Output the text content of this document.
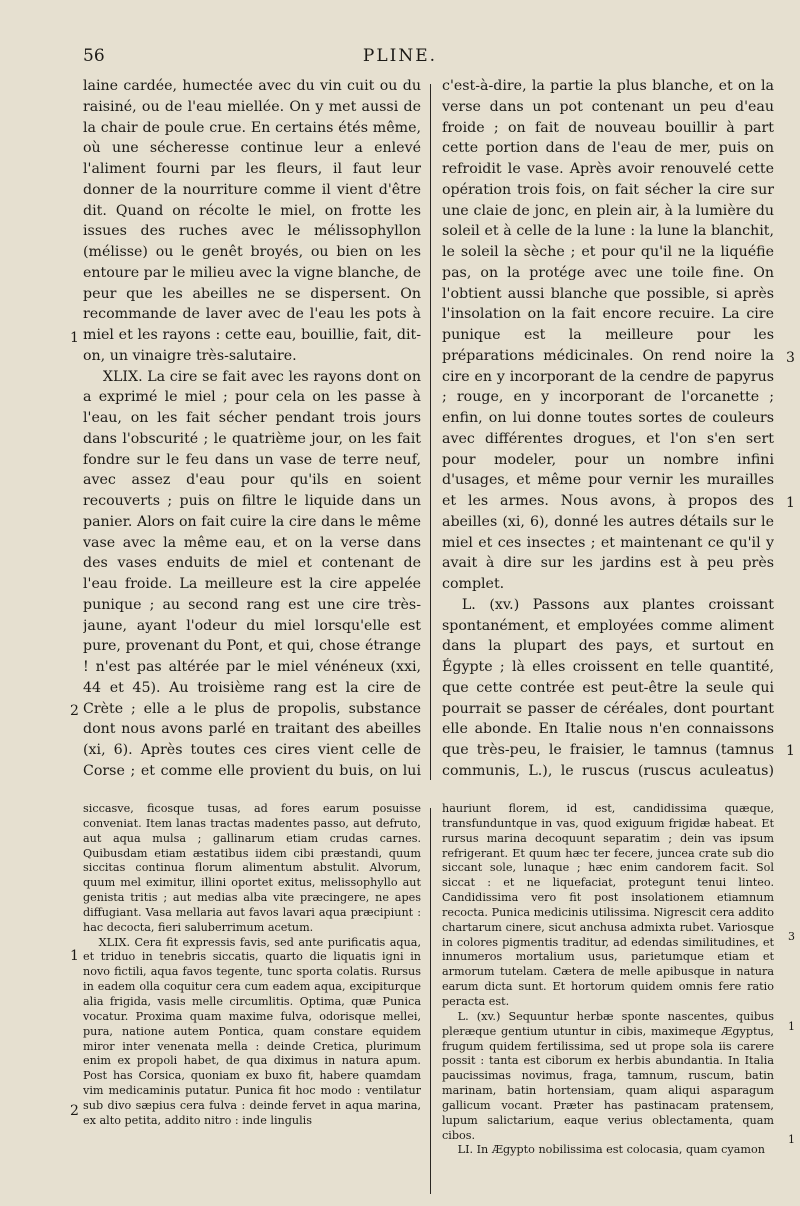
56	PLINE.

laine cardée, humectée avec du vin cuit ou du raisiné, ou de l'eau miellée. On y met aussi de la chair de poule crue. En certains étés même, où une sécheresse continue leur a enlevé l'aliment fourni par les fleurs, il faut leur donner de la nourriture comme il vient d'être dit. Quand on récolte le miel, on frotte les issues des ruches avec le mélissophyllon (mélisse) ou le genêt broyés, ou bien on les entoure par le milieu avec la vigne blanche, de peur que les abeilles ne se dispersent. On recommande de laver avec de l'eau les pots à miel et les rayons : cette eau, bouillie, fait, dit-on, un vinaigre très-salutaire.

XLIX. La cire se fait avec les rayons dont on a exprimé le miel ; pour cela on les passe à l'eau, on les fait sécher pendant trois jours dans l'obscurité ; le quatrième jour, on les fait fondre sur le feu dans un vase de terre neuf, avec assez d'eau pour qu'ils en soient recouverts ; puis on filtre le liquide dans un panier. Alors on fait cuire la cire dans le même vase avec la même eau, et on la verse dans des vases enduits de miel et contenant de l'eau froide. La meilleure est la cire appelée punique ; au second rang est une cire très-jaune, ayant l'odeur du miel lorsqu'elle est pure, provenant du Pont, et qui, chose étrange ! n'est pas altérée par le miel vénéneux (xxi, 44 et 45). Au troisième rang est la cire de Crète ; elle a le plus de propolis, substance dont nous avons parlé en traitant des abeilles (xi, 6). Après toutes ces cires vient celle de Corse ; et comme elle provient du buis, on lui

c'est-à-dire, la partie la plus blanche, et on la verse dans un pot contenant un peu d'eau froide ; on fait de nouveau bouillir à part cette portion dans de l'eau de mer, puis on refroidit le vase. Après avoir renouvelé cette opération trois fois, on fait sécher la cire sur une claie de jonc, en plein air, à la lumière du soleil et à celle de la lune : la lune la blanchit, le soleil la sèche ; et pour qu'il ne la liquéfie pas, on la protége avec une toile fine. On l'obtient aussi blanche que possible, si après l'insolation on la fait encore recuire. La cire punique est la meilleure pour les préparations médicinales. On rend noire la cire en y incorporant de la cendre de papyrus ; rouge, en y incorporant de l'orcanette ; enfin, on lui donne toutes sortes de couleurs avec différentes drogues, et l'on s'en sert pour modeler, pour un nombre infini d'usages, et même pour vernir les murailles et les armes. Nous avons, à propos des abeilles (xi, 6), donné les autres détails sur le miel et ces insectes ; et maintenant ce qu'il y avait à dire sur les jardins est à peu près complet.

L. (xv.) Passons aux plantes croissant spontanément, et employées comme aliment dans la plupart des pays, et surtout en Égypte ; là elles croissent en telle quantité, que cette contrée est peut-être la seule qui pourrait se passer de céréales, dont pourtant elle abonde. En Italie nous n'en connaissons que très-peu, le fraisier, le tamnus (tamnus communis, L.), le ruscus (ruscus aculeatus)

1
2
3
1
1

siccasve, ficosque tusas, ad fores earum posuisse conveniat. Item lanas tractas madentes passo, aut defruto, aut aqua mulsa ; gallinarum etiam crudas carnes. Quibusdam etiam æstatibus iidem cibi præstandi, quum siccitas continua florum alimentum abstulit. Alvorum, quum mel eximitur, illini oportet exitus, melissophyllo aut genista tritis ; aut medias alba vite præcingere, ne apes diffugiant. Vasa mellaria aut favos lavari aqua præcipiunt : hac decocta, fieri saluberrimum acetum.

XLIX. Cera fit expressis favis, sed ante purificatis aqua, et triduo in tenebris siccatis, quarto die liquatis igni in novo fictili, aqua favos tegente, tunc sporta colatis. Rursus in eadem olla coquitur cera cum eadem aqua, excipiturque alia frigida, vasis melle circumlitis. Optima, quæ Punica vocatur. Proxima quam maxime fulva, odorisque mellei, pura, natione autem Pontica, quam constare equidem miror inter venenata mella : deinde Cretica, plurimum enim ex propoli habet, de qua diximus in natura apum. Post has Corsica, quoniam ex buxo fit, habere quamdam vim medicaminis putatur. Punica fit hoc modo : ventilatur sub divo sæpius cera fulva : deinde fervet in aqua marina, ex alto petita, addito nitro : inde lingulis

hauriunt florem, id est, candidissima quæque, transfunduntque in vas, quod exiguum frigidæ habeat. Et rursus marina decoquunt separatim ; dein vas ipsum refrigerant. Et quum hæc ter fecere, juncea crate sub dio siccant sole, lunaque ; hæc enim candorem facit. Sol siccat : et ne liquefaciat, protegunt tenui linteo. Candidissima vero fit post insolationem etiamnum recocta. Punica medicinis utilissima. Nigrescit cera addito chartarum cinere, sicut anchusa admixta rubet. Variosque in colores pigmentis traditur, ad edendas similitudines, et innumeros mortalium usus, parietumque etiam et armorum tutelam. Cætera de melle apibusque in natura earum dicta sunt. Et hortorum quidem omnis fere ratio peracta est.

L. (xv.) Sequuntur herbæ sponte nascentes, quibus pleræque gentium utuntur in cibis, maximeque Ægyptus, frugum quidem fertilissima, sed ut prope sola iis carere possit : tanta est ciborum ex herbis abundantia. In Italia paucissimas novimus, fraga, tamnum, ruscum, batin marinam, batin hortensiam, quam aliqui asparagum gallicum vocant. Præter has pastinacam pratensem, lupum salictarium, eaque verius oblectamenta, quam cibos.

LI. In Ægypto nobilissima est colocasia, quam cyamon

1
2
3
1
1
